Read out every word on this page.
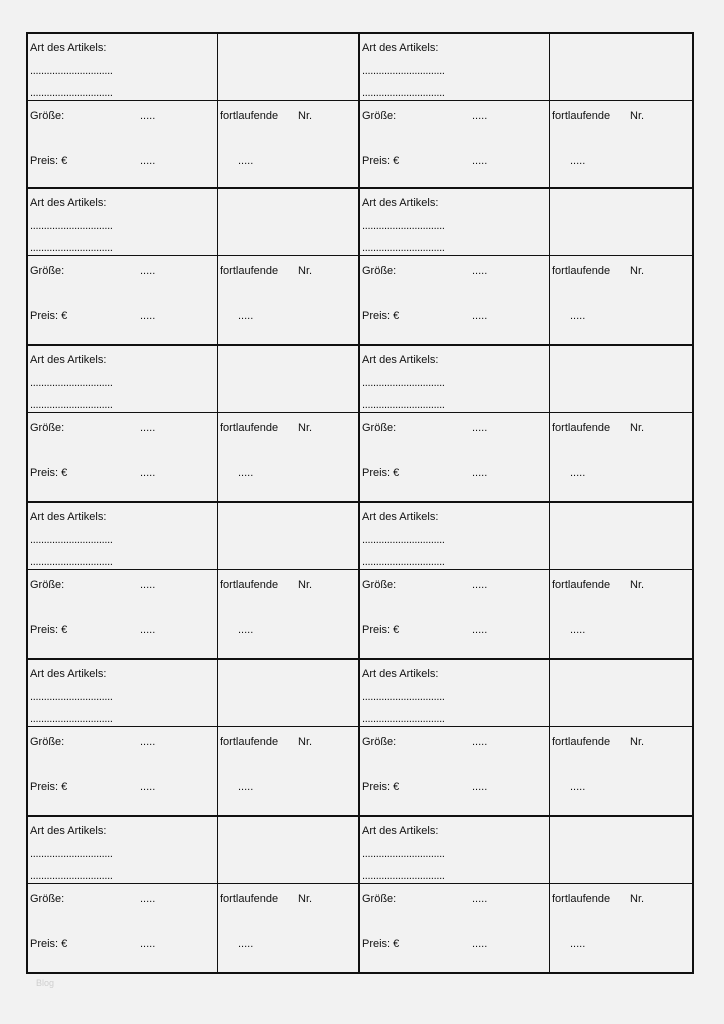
Art des Artikels:
..............................
..............................
Größe:	.....	fortlaufende Nr.
Preis: €	.....	.....
Art des Artikels:
..............................
..............................
Größe:	.....	fortlaufende Nr.
Preis: €	.....	.....
Art des Artikels:
..............................
..............................
Größe:	.....	fortlaufende Nr.
Preis: €	.....	.....
Art des Artikels:
..............................
..............................
Größe:	.....	fortlaufende Nr.
Preis: €	.....	.....
Art des Artikels:
..............................
..............................
Größe:	.....	fortlaufende Nr.
Preis: €	.....	.....
Art des Artikels:
..............................
..............................
Größe:	.....	fortlaufende Nr.
Preis: €	.....	.....
Art des Artikels:
..............................
..............................
Größe:	.....	fortlaufende Nr.
Preis: €	.....	.....
Art des Artikels:
..............................
..............................
Größe:	.....	fortlaufende Nr.
Preis: €	.....	.....
Art des Artikels:
..............................
..............................
Größe:	.....	fortlaufende Nr.
Preis: €	.....	.....
Art des Artikels:
..............................
..............................
Größe:	.....	fortlaufende Nr.
Preis: €	.....	.....
Art des Artikels:
..............................
..............................
Größe:	.....	fortlaufende Nr.
Preis: €	.....	.....
Art des Artikels:
..............................
..............................
Größe:	.....	fortlaufende Nr.
Preis: €	.....	.....
Blog
